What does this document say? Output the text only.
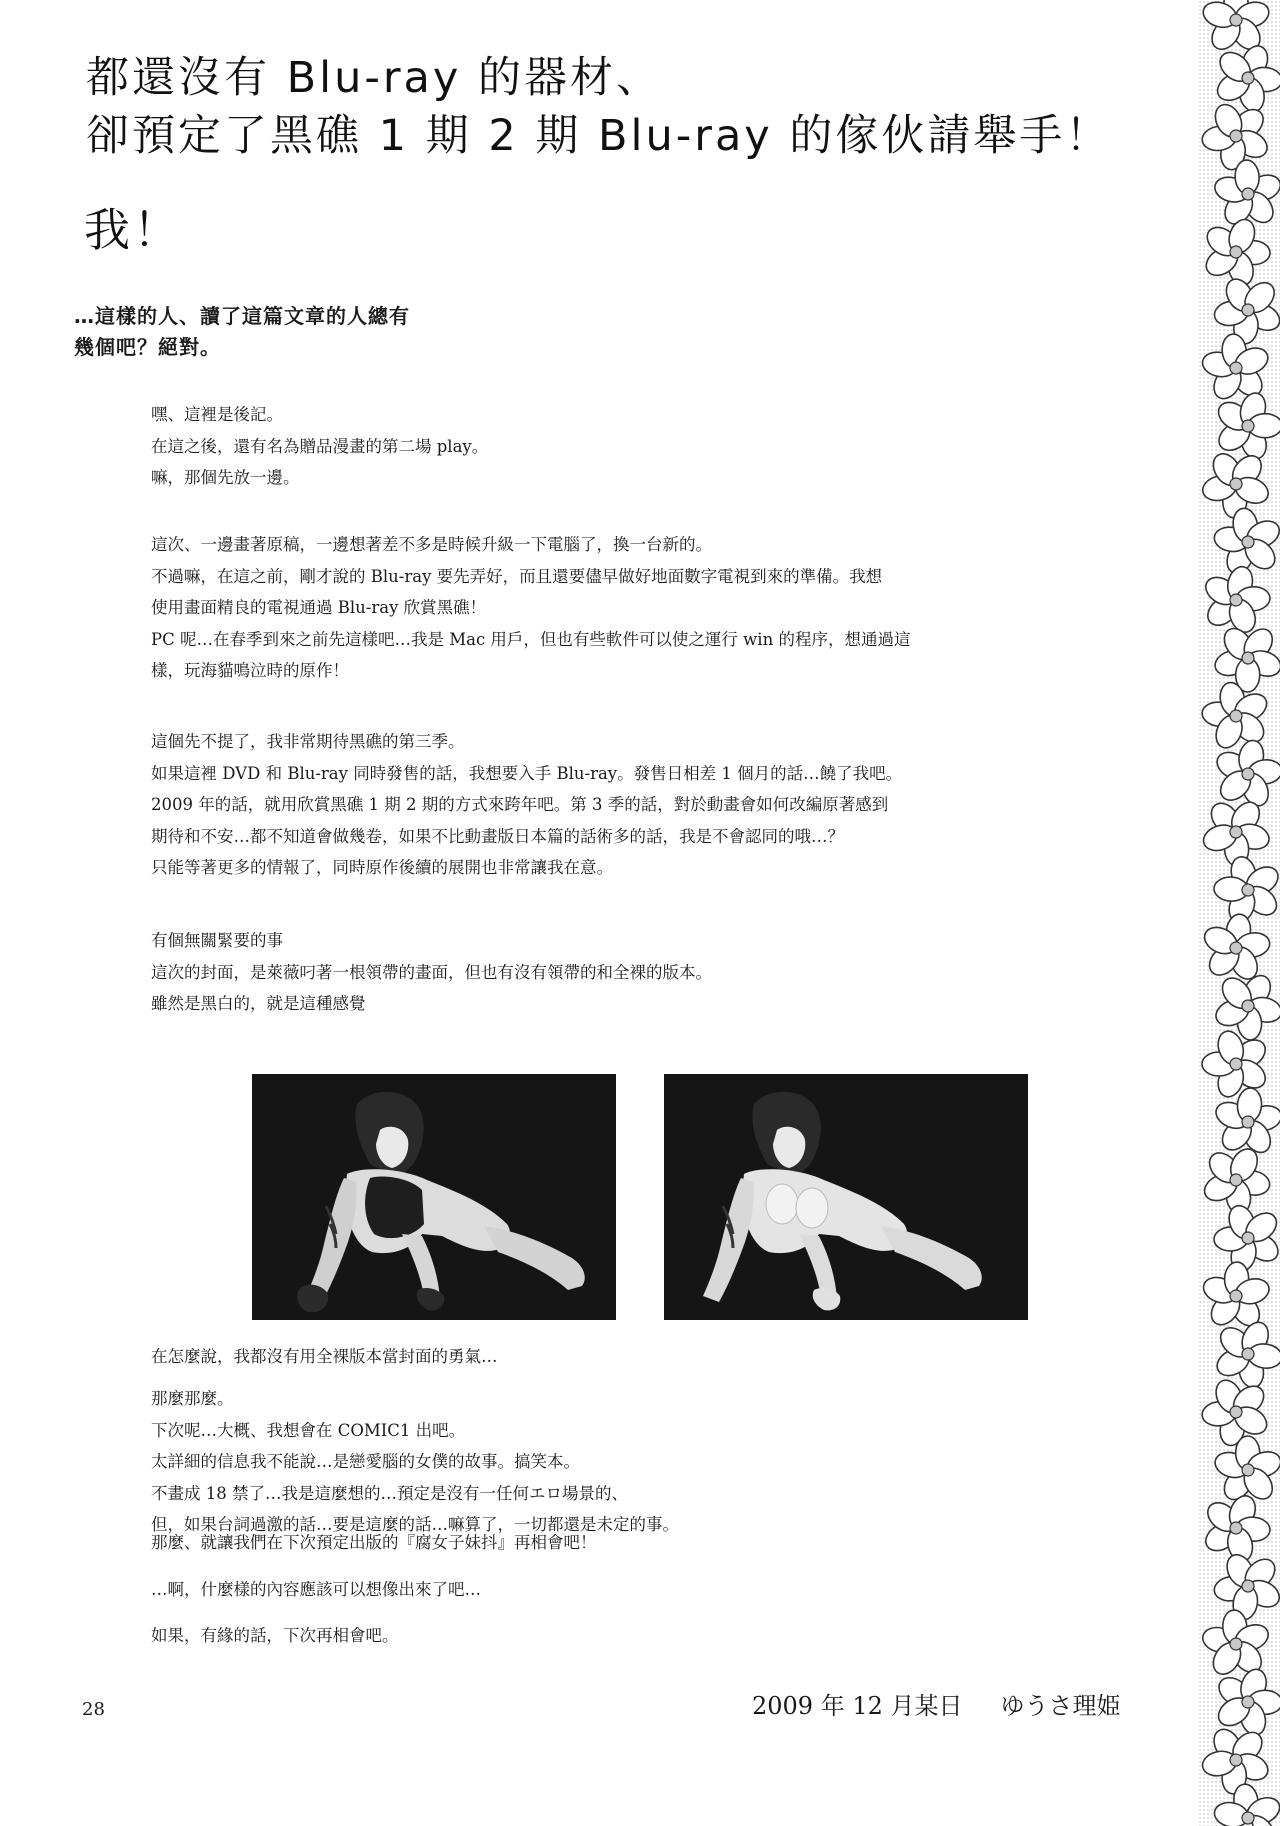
都還沒有 Blu-ray 的器材、
卻預定了黑礁 1 期 2 期 Blu-ray 的傢伙請舉手！
我！
…這樣的人、讀了這篇文章的人總有
幾個吧？絕對。
嘿、這裡是後記。
在這之後，還有名為贈品漫畫的第二場 play。
嘛，那個先放一邊。
這次、一邊畫著原稿，一邊想著差不多是時候升級一下電腦了，換一台新的。
不過嘛，在這之前，剛才說的 Blu-ray 要先弄好，而且還要儘早做好地面數字電視到來的準備。我想
使用畫面精良的電視通過 Blu-ray 欣賞黑礁！
PC 呢…在春季到來之前先這樣吧…我是 Mac 用戶，但也有些軟件可以使之運行 win 的程序，想通過這
樣，玩海貓鳴泣時的原作！
這個先不提了，我非常期待黑礁的第三季。
如果這裡 DVD 和 Blu-ray 同時發售的話，我想要入手 Blu-ray。發售日相差 1 個月的話…饒了我吧。
2009 年的話，就用欣賞黑礁 1 期 2 期的方式來跨年吧。第 3 季的話，對於動畫會如何改編原著感到
期待和不安…都不知道會做幾卷，如果不比動畫版日本篇的話術多的話，我是不會認同的哦…？
只能等著更多的情報了，同時原作後續的展開也非常讓我在意。
有個無關緊要的事
這次的封面，是萊薇叼著一根領帶的畫面，但也有沒有領帶的和全裸的版本。
雖然是黑白的，就是這種感覺
在怎麼說，我都沒有用全裸版本當封面的勇氣…
那麼那麼。
下次呢…大概、我想會在 COMIC1 出吧。
太詳細的信息我不能說…是戀愛腦的女僕的故事。搞笑本。
不畫成 18 禁了…我是這麼想的…預定是沒有一任何エロ場景的、
但，如果台詞過激的話…要是這麼的話…嘛算了，一切都還是未定的事。
那麼、就讓我們在下次預定出版的『腐女子妹抖』再相會吧！
…啊，什麼樣的內容應該可以想像出來了吧…
如果，有緣的話，下次再相會吧。
28	2009 年 12 月某日 ゆうさ理姫
